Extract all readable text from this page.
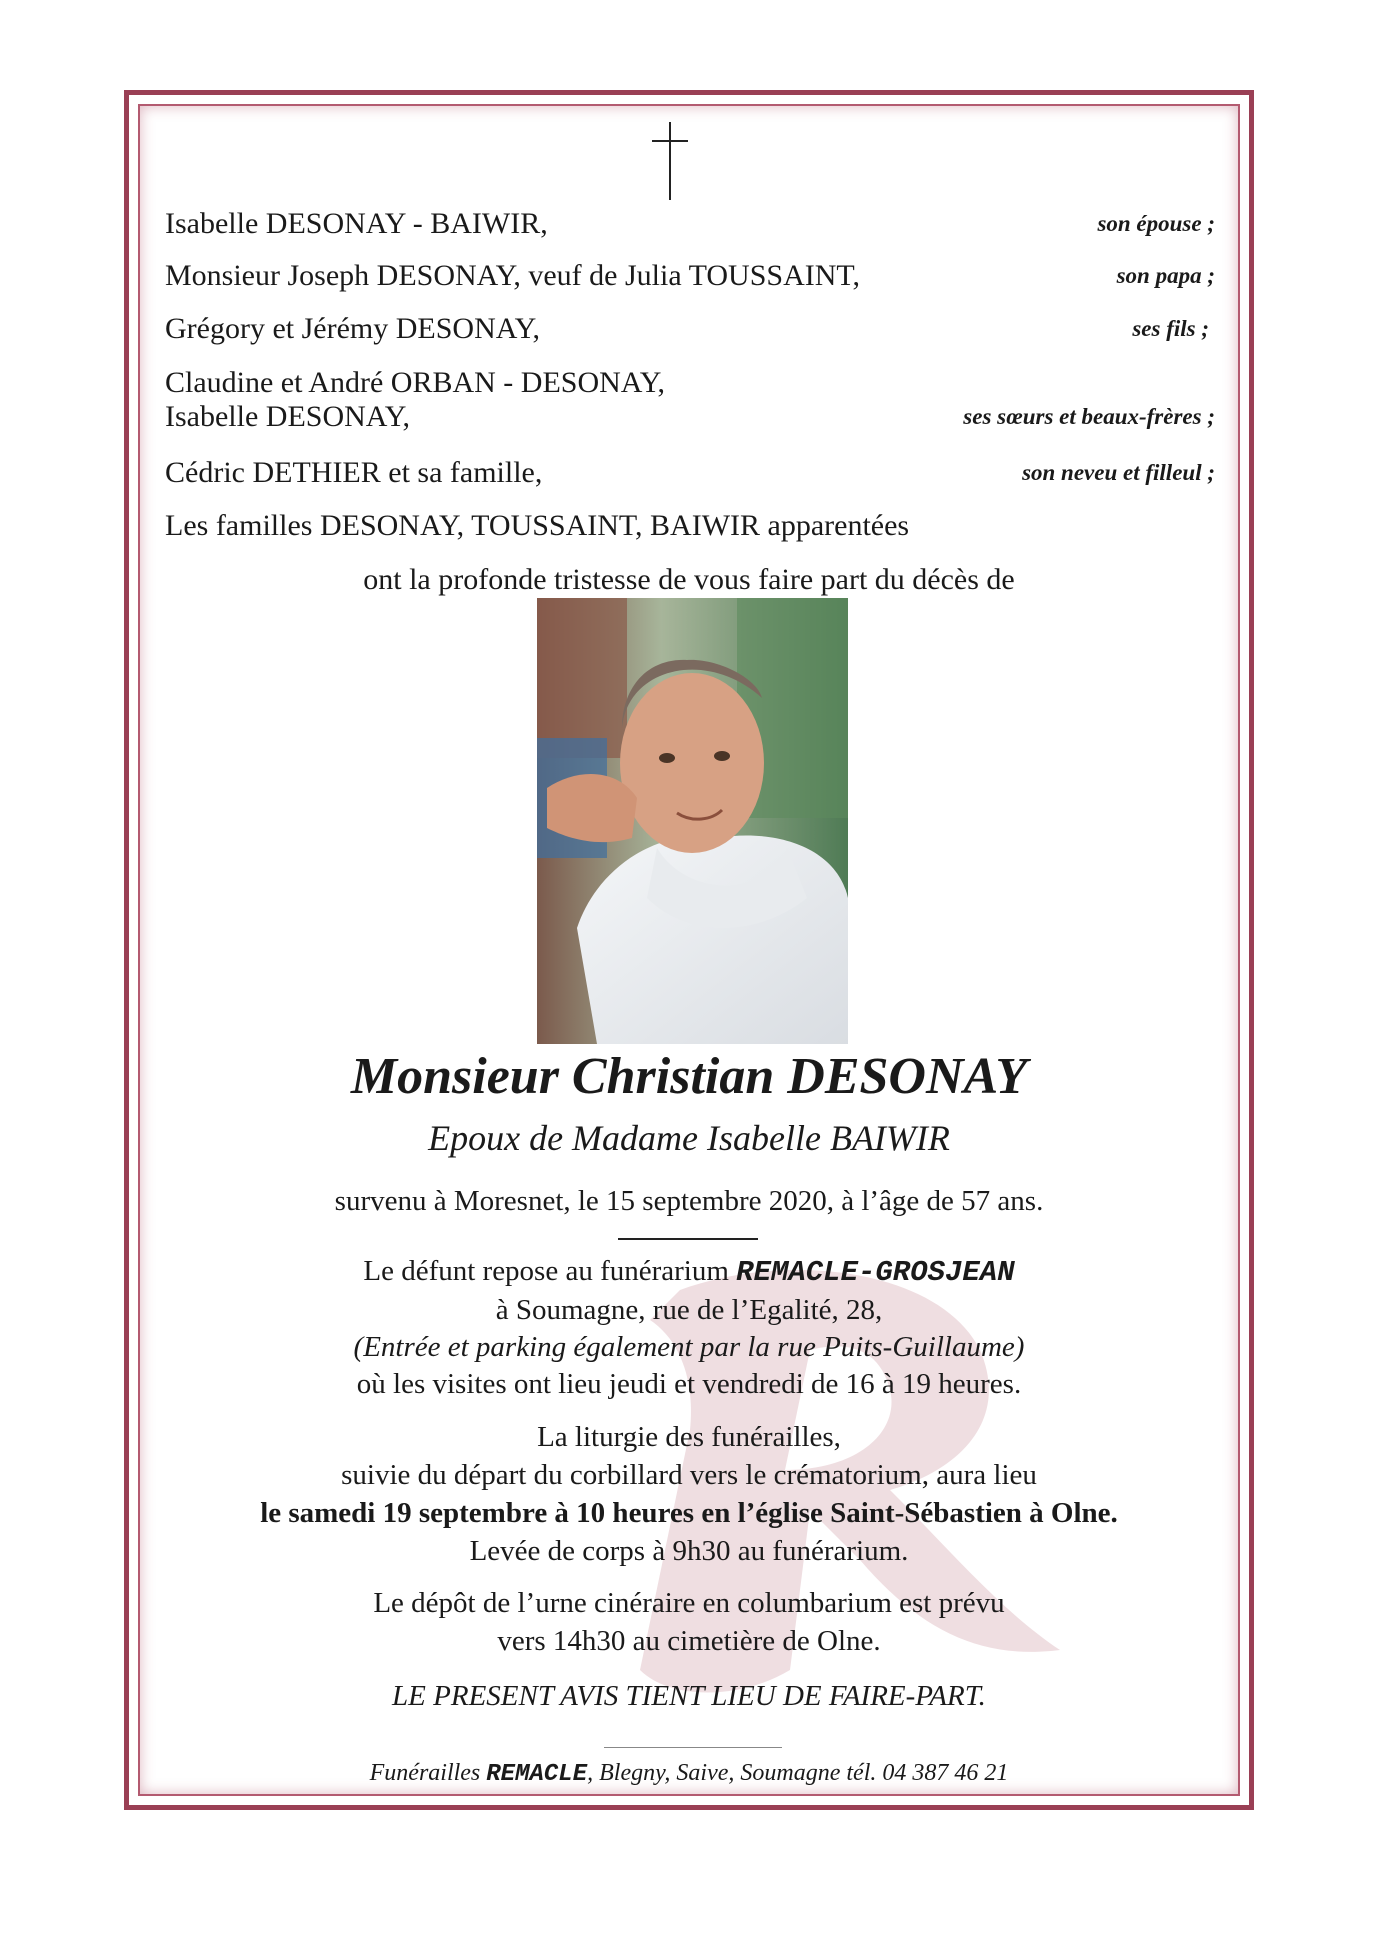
Isabelle DESONAY - BAIWIR,	son épouse ;
Monsieur Joseph DESONAY, veuf de Julia TOUSSAINT,	son papa ;
Grégory et Jérémy DESONAY,	ses fils ;
Claudine et André ORBAN - DESONAY,
Isabelle DESONAY,	ses sœurs et beaux-frères ;
Cédric DETHIER et sa famille,	son neveu et filleul ;
Les familles DESONAY, TOUSSAINT, BAIWIR apparentées
ont la profonde tristesse de vous faire part du décès de
Monsieur Christian DESONAY
Epoux de Madame Isabelle BAIWIR
survenu à Moresnet, le 15 septembre 2020, à l’âge de 57 ans.
Le défunt repose au funérarium REMACLE-GROSJEAN
à Soumagne, rue de l’Egalité, 28,
(Entrée et parking également par la rue Puits-Guillaume)
où les visites ont lieu jeudi et vendredi de 16 à 19 heures.
La liturgie des funérailles,
suivie du départ du corbillard vers le crématorium, aura lieu
le samedi 19 septembre à 10 heures en l’église Saint-Sébastien à Olne.
Levée de corps à 9h30 au funérarium.
Le dépôt de l’urne cinéraire en columbarium est prévu
vers 14h30 au cimetière de Olne.
LE PRESENT AVIS TIENT LIEU DE FAIRE-PART.
Funérailles REMACLE, Blegny, Saive, Soumagne tél. 04 387 46 21
